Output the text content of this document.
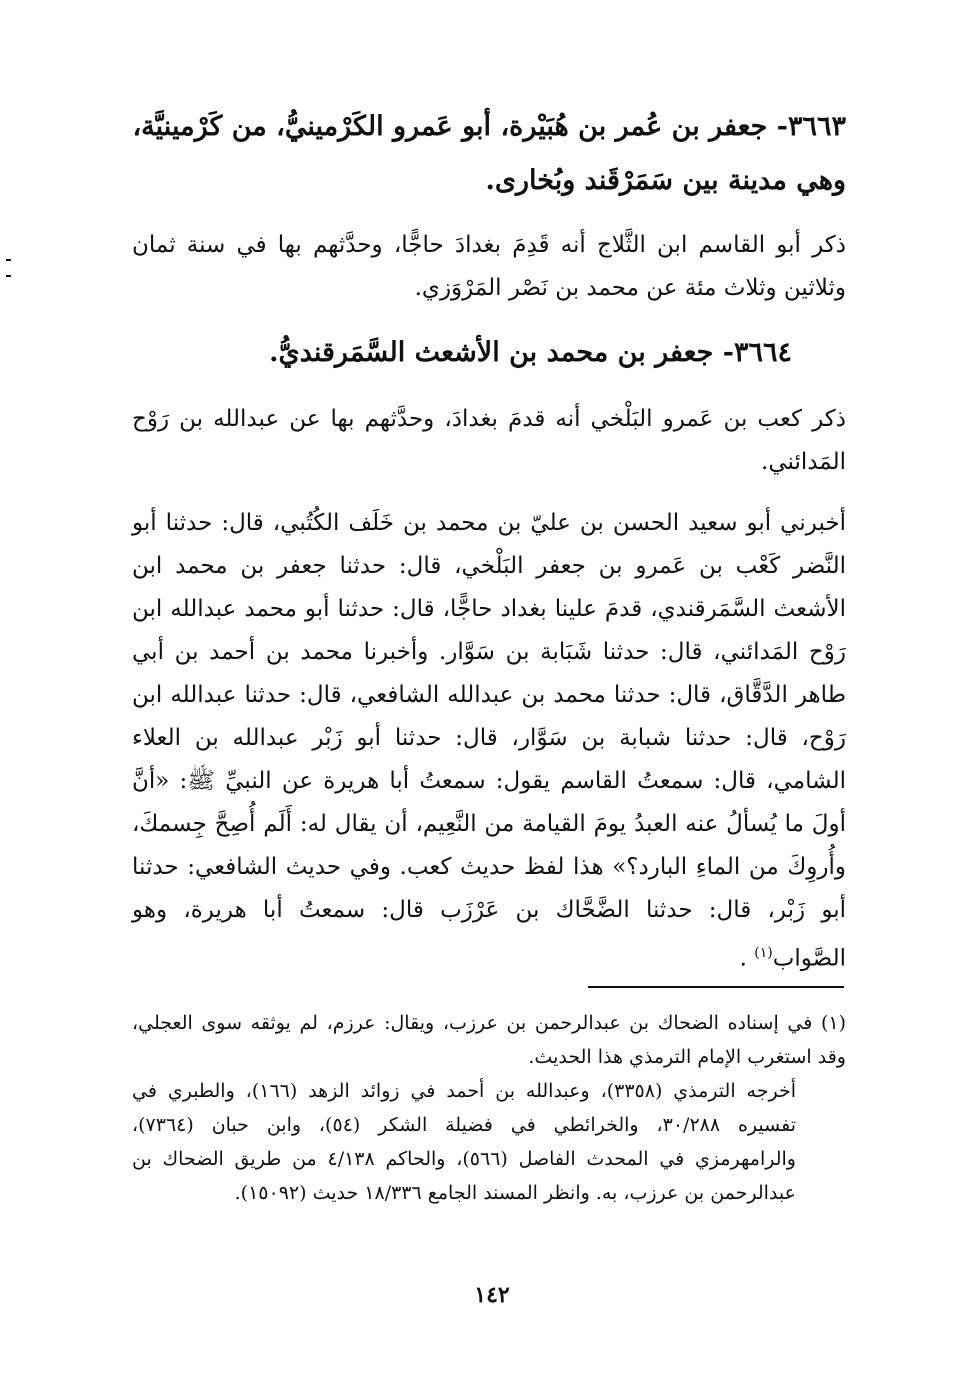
٣٦٦٣- جعفر بن عُمر بن هُبَيْرة، أبو عَمرو الكَرْمينيُّ، من كَرْمينيَّة، وهي مدينة بين سَمَرْقَند وبُخارى.
ذكر أبو القاسم ابن الثَّلاج أنه قَدِمَ بغدادَ حاجًّا، وحدَّثهم بها في سنة ثمان وثلاثين وثلاث مئة عن محمد بن نَصْر المَرْوَزي.
٣٦٦٤- جعفر بن محمد بن الأشعث السَّمَرقنديُّ.
ذكر كعب بن عَمرو البَلْخي أنه قدمَ بغدادَ، وحدَّثهم بها عن عبدالله بن رَوْح المَدائني.
أخبرني أبو سعيد الحسن بن عليّ بن محمد بن خَلَف الكُتُبي، قال: حدثنا أبو النَّضر كَعْب بن عَمرو بن جعفر البَلْخي، قال: حدثنا جعفر بن محمد ابن الأشعث السَّمَرقندي، قدمَ علينا بغداد حاجًّا، قال: حدثنا أبو محمد عبدالله ابن رَوْح المَدائني، قال: حدثنا شَبَابة بن سَوَّار. وأخبرنا محمد بن أحمد بن أبي طاهر الدَّقَّاق، قال: حدثنا محمد بن عبدالله الشافعي، قال: حدثنا عبدالله ابن رَوْح، قال: حدثنا شبابة بن سَوَّار، قال: حدثنا أبو زَبْر عبدالله بن العلاء الشامي، قال: سمعتُ القاسم يقول: سمعتُ أبا هريرة عن النبيِّ ﷺ: «أنَّ أولَ ما يُسألُ عنه العبدُ يومَ القيامة من النَّعِيم، أن يقال له: أَلَم أُصِحَّ جِسمكَ، وأُروِكَ من الماءِ البارد؟» هذا لفظ حديث كعب. وفي حديث الشافعي: حدثنا أبو زَبْر، قال: حدثنا الضَّحَّاك بن عَرْزَب قال: سمعتُ أبا هريرة، وهو الصَّواب$^{(١)}$ .
(١) في إسناده الضحاك بن عبدالرحمن بن عرزب، ويقال: عرزم، لم يوثقه سوى العجلي، وقد استغرب الإمام الترمذي هذا الحديث.
أخرجه الترمذي (٣٣٥٨)، وعبدالله بن أحمد في زوائد الزهد (١٦٦)، والطبري في تفسيره ٣٠/٢٨٨، والخرائطي في فضيلة الشكر (٥٤)، وابن حبان (٧٣٦٤)، والرامهرمزي في المحدث الفاصل (٥٦٦)، والحاكم ٤/١٣٨ من طريق الضحاك بن عبدالرحمن بن عرزب، به. وانظر المسند الجامع ١٨/٣٣٦ حديث (١٥٠٩٢).
١٤٢
